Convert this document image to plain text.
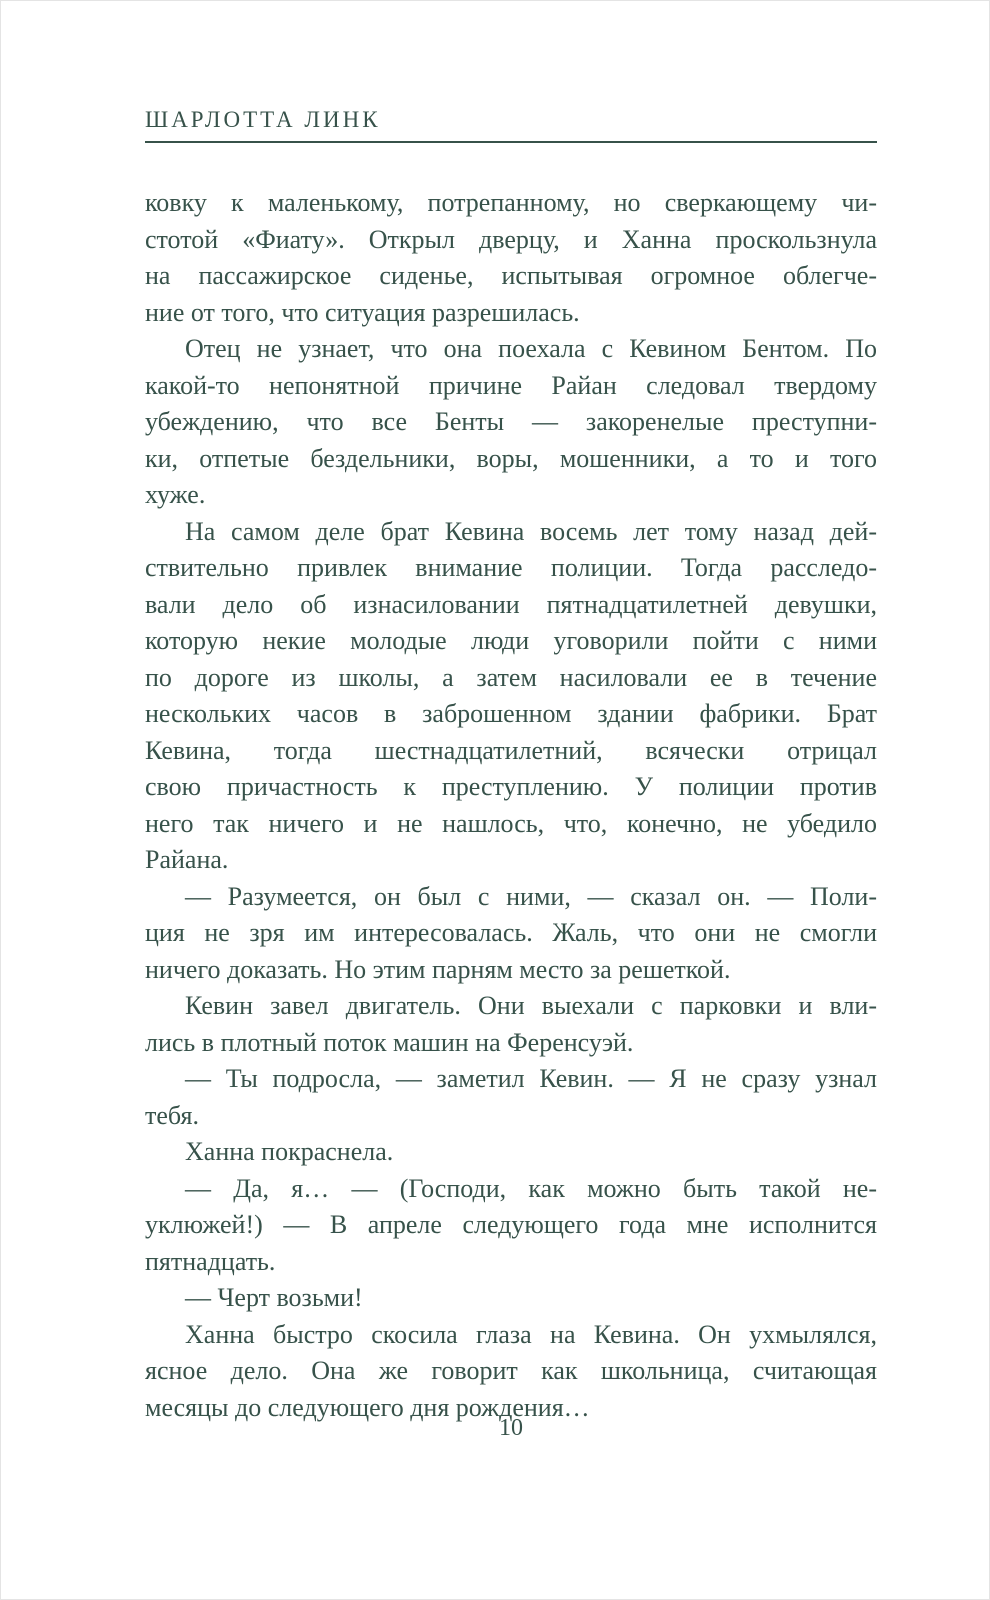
ШАРЛОТТА ЛИНК
ковку к маленькому, потрепанному, но сверкающему чи-
стотой «Фиату». Открыл дверцу, и Ханна проскользнула
на пассажирское сиденье, испытывая огромное облегче-
ние от того, что ситуация разрешилась.
Отец не узнает, что она поехала с Кевином Бентом. По
какой-то непонятной причине Райан следовал твердому
убеждению, что все Бенты — закоренелые преступни-
ки, отпетые бездельники, воры, мошенники, а то и того
хуже.
На самом деле брат Кевина восемь лет тому назад дей-
ствительно привлек внимание полиции. Тогда расследо-
вали дело об изнасиловании пятнадцатилетней девушки,
которую некие молодые люди уговорили пойти с ними
по дороге из школы, а затем насиловали ее в течение
нескольких часов в заброшенном здании фабрики. Брат
Кевина, тогда шестнадцатилетний, всячески отрицал
свою причастность к преступлению. У полиции против
него так ничего и не нашлось, что, конечно, не убедило
Райана.
— Разумеется, он был с ними, — сказал он. — Поли-
ция не зря им интересовалась. Жаль, что они не смогли
ничего доказать. Но этим парням место за решеткой.
Кевин завел двигатель. Они выехали с парковки и вли-
лись в плотный поток машин на Ференсуэй.
— Ты подросла, — заметил Кевин. — Я не сразу узнал
тебя.
Ханна покраснела.
— Да, я… — (Господи, как можно быть такой не-
уклюжей!) — В апреле следующего года мне исполнится
пятнадцать.
— Черт возьми!
Ханна быстро скосила глаза на Кевина. Он ухмылялся,
ясное дело. Она же говорит как школьница, считающая
месяцы до следующего дня рождения…
10
